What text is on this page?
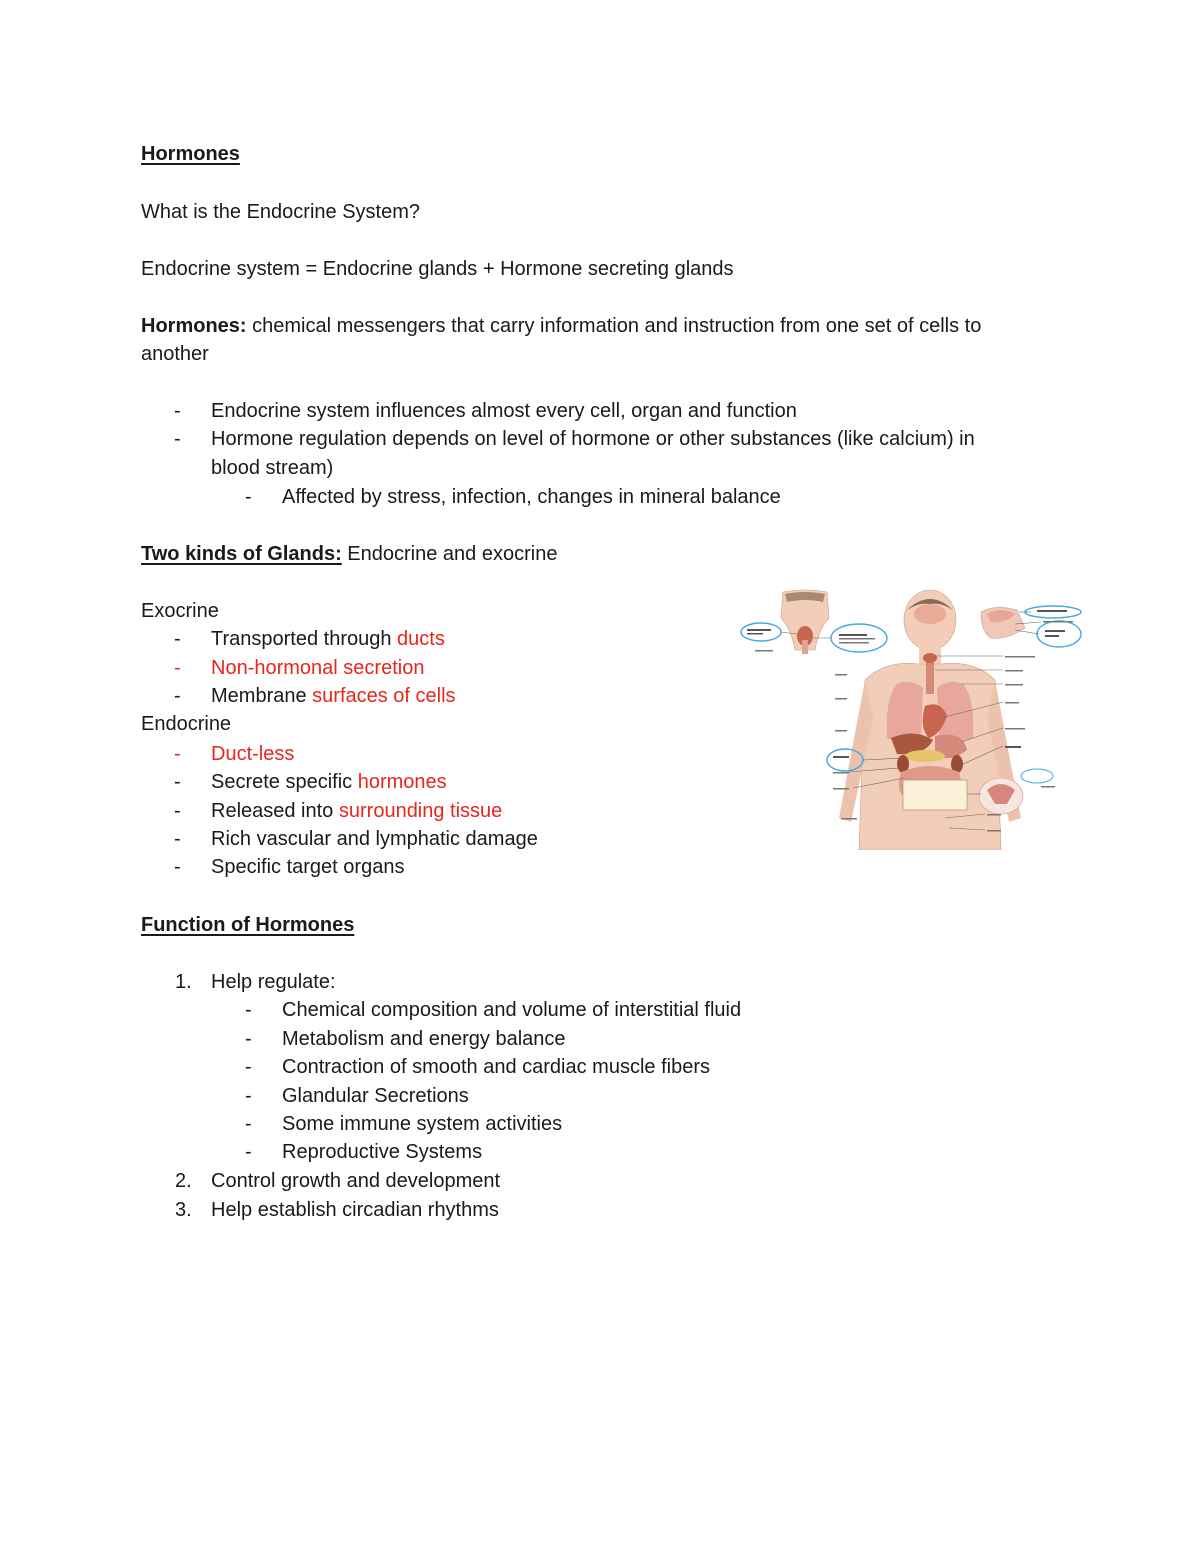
Hormones
What is the Endocrine System?
Endocrine system = Endocrine glands + Hormone secreting glands
Hormones: chemical messengers that carry information and instruction from one set of cells to
another
- Endocrine system influences almost every cell, organ and function
- Hormone regulation depends on level of hormone or other substances (like calcium) in
blood stream)
- Affected by stress, infection, changes in mineral balance
Two kinds of Glands: Endocrine and exocrine
Exocrine
- Transported through ducts
- Non-hormonal secretion
- Membrane surfaces of cells
Endocrine
- Duct-less
- Secrete specific hormones
- Released into surrounding tissue
- Rich vascular and lymphatic damage
- Specific target organs
Function of Hormones
1. Help regulate:
- Chemical composition and volume of interstitial fluid
- Metabolism and energy balance
- Contraction of smooth and cardiac muscle fibers
- Glandular Secretions
- Some immune system activities
- Reproductive Systems
2. Control growth and development
3. Help establish circadian rhythms
